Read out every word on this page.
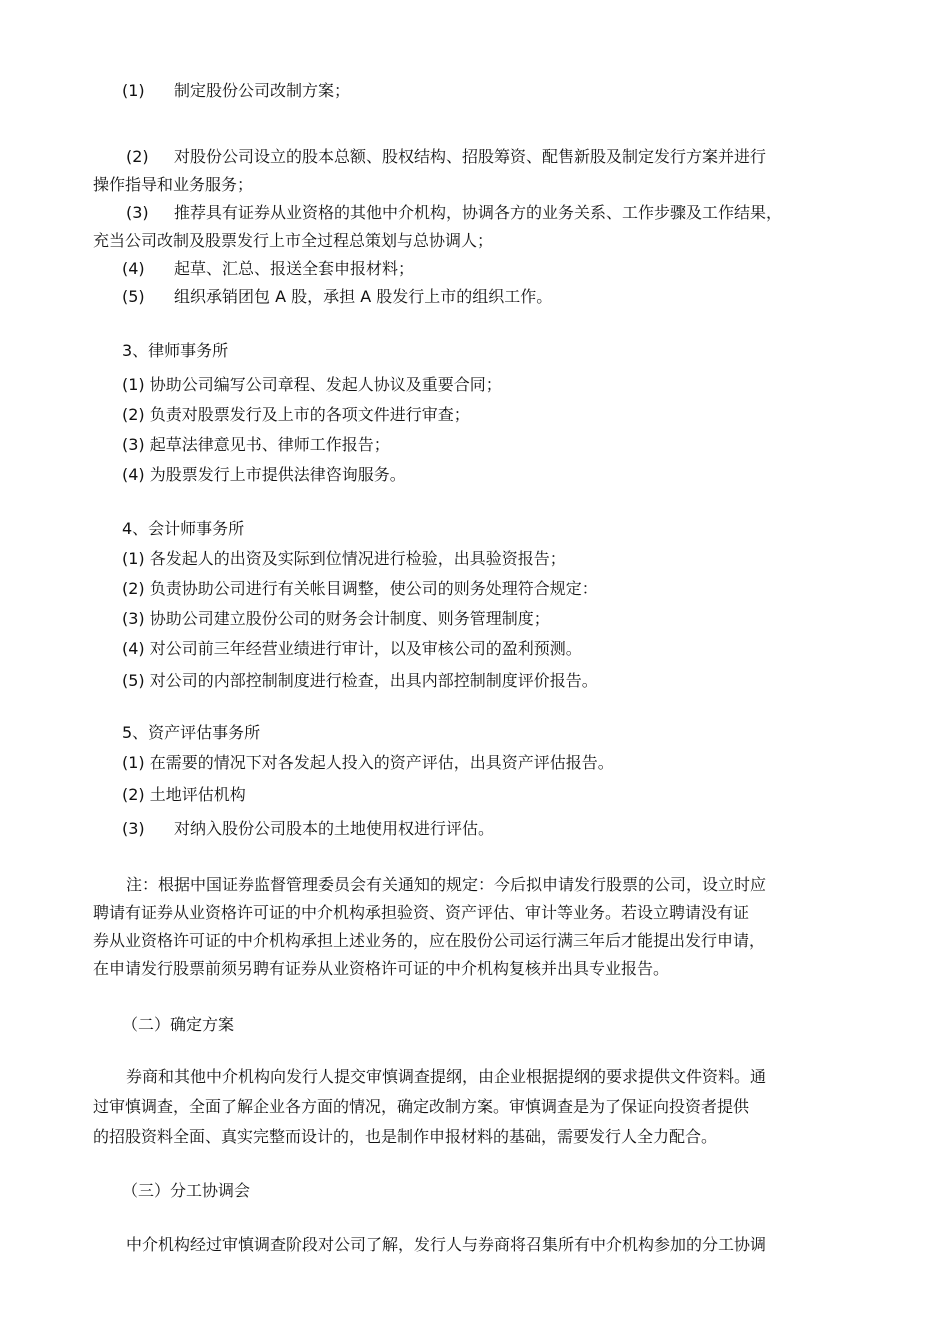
(1) 制定股份公司改制方案；
(2) 对股份公司设立的股本总额、股权结构、招股筹资、配售新股及制定发行方案并进行
操作指导和业务服务；
(3) 推荐具有证券从业资格的其他中介机构，协调各方的业务关系、工作步骤及工作结果，
充当公司改制及股票发行上市全过程总策划与总协调人；
(4) 起草、汇总、报送全套申报材料；
(5) 组织承销团包 A 股，承担 A 股发行上市的组织工作。
3、律师事务所
(1) 协助公司编写公司章程、发起人协议及重要合同；
(2) 负责对股票发行及上市的各项文件进行审查；
(3) 起草法律意见书、律师工作报告；
(4) 为股票发行上市提供法律咨询服务。
4、会计师事务所
(1) 各发起人的出资及实际到位情况进行检验，出具验资报告；
(2) 负责协助公司进行有关帐目调整，使公司的则务处理符合规定：
(3) 协助公司建立股份公司的财务会计制度、则务管理制度；
(4) 对公司前三年经营业绩进行审计，以及审核公司的盈利预测。
(5) 对公司的内部控制制度进行检查，出具内部控制制度评价报告。
5、资产评估事务所
(1) 在需要的情况下对各发起人投入的资产评估，出具资产评估报告。
(2) 土地评估机构
(3) 对纳入股份公司股本的土地使用权进行评估。
注：根据中国证券监督管理委员会有关通知的规定：今后拟申请发行股票的公司，设立时应
聘请有证券从业资格许可证的中介机构承担验资、资产评估、审计等业务。若设立聘请没有证
券从业资格许可证的中介机构承担上述业务的，应在股份公司运行满三年后才能提出发行申请，
在申请发行股票前须另聘有证券从业资格许可证的中介机构复核并出具专业报告。
（二）确定方案
券商和其他中介机构向发行人提交审慎调查提纲，由企业根据提纲的要求提供文件资料。通
过审慎调查，全面了解企业各方面的情况，确定改制方案。审慎调查是为了保证向投资者提供
的招股资料全面、真实完整而设计的，也是制作申报材料的基础，需要发行人全力配合。
（三）分工协调会
中介机构经过审慎调查阶段对公司了解，发行人与券商将召集所有中介机构参加的分工协调
